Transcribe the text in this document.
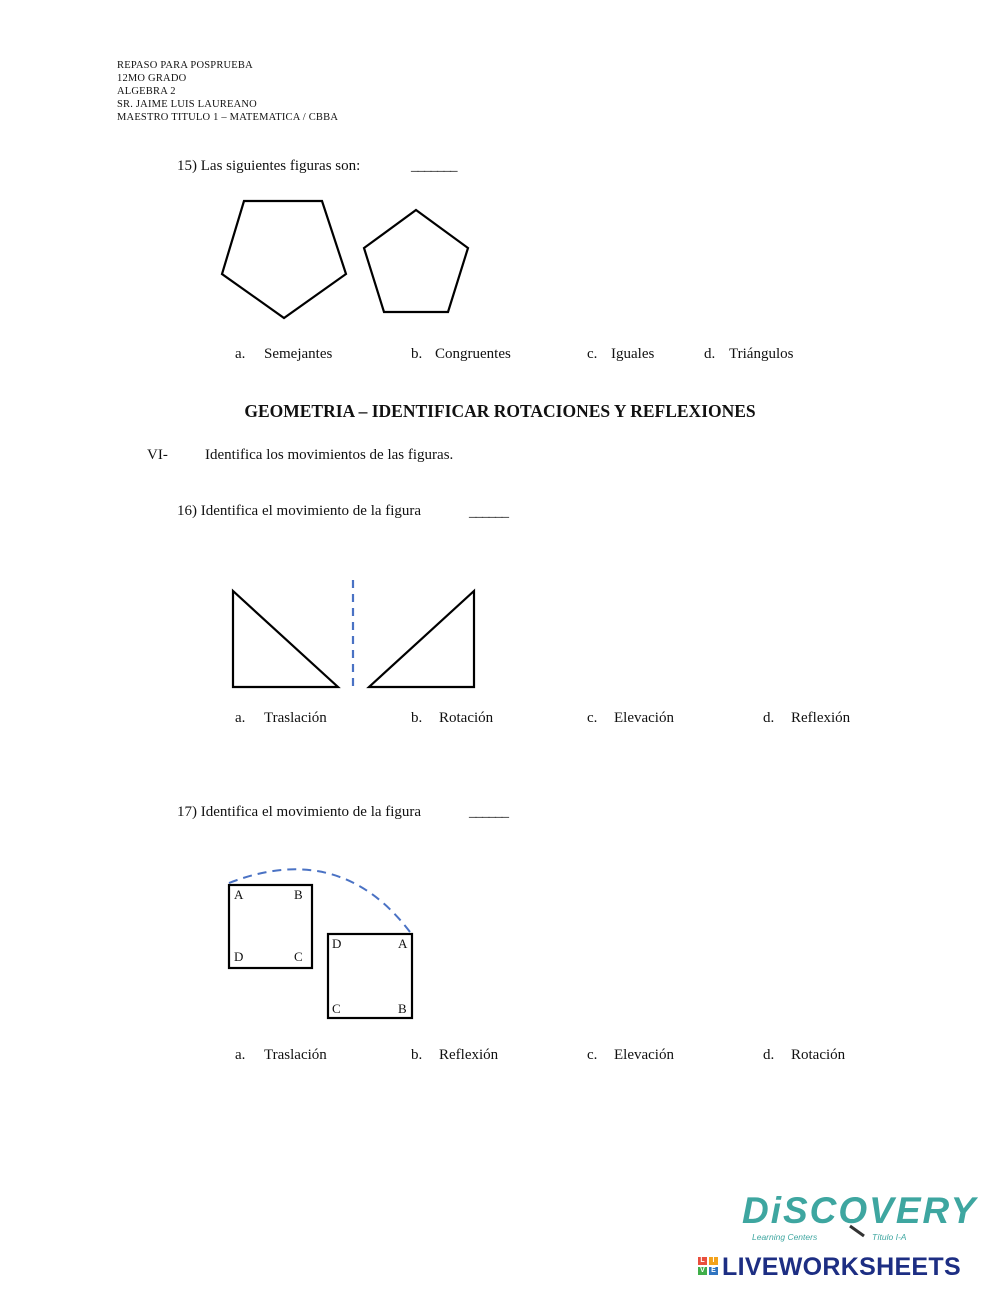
REPASO PARA POSPRUEBA
12MO GRADO
ALGEBRA 2
SR. JAIME LUIS LAUREANO
MAESTRO TITULO 1 – MATEMATICA / CBBA
15) Las siguientes figuras son:	_______
a. Semejantes	b. Congruentes	c. Iguales	d. Triángulos
GEOMETRIA – IDENTIFICAR ROTACIONES Y REFLEXIONES
VI- Identifica los movimientos de las figuras.
16) Identifica el movimiento de la figura	______
a. Traslación	b. Rotación	c. Elevación	d. Reflexión
17) Identifica el movimiento de la figura	______
A	B
D	C
D	A
C	B
a. Traslación	b. Reflexión	c. Elevación	d. Rotación
DiSCOVERY
Learning Centers	Título I-A
L	I
V E LIVEWORKSHEETS
